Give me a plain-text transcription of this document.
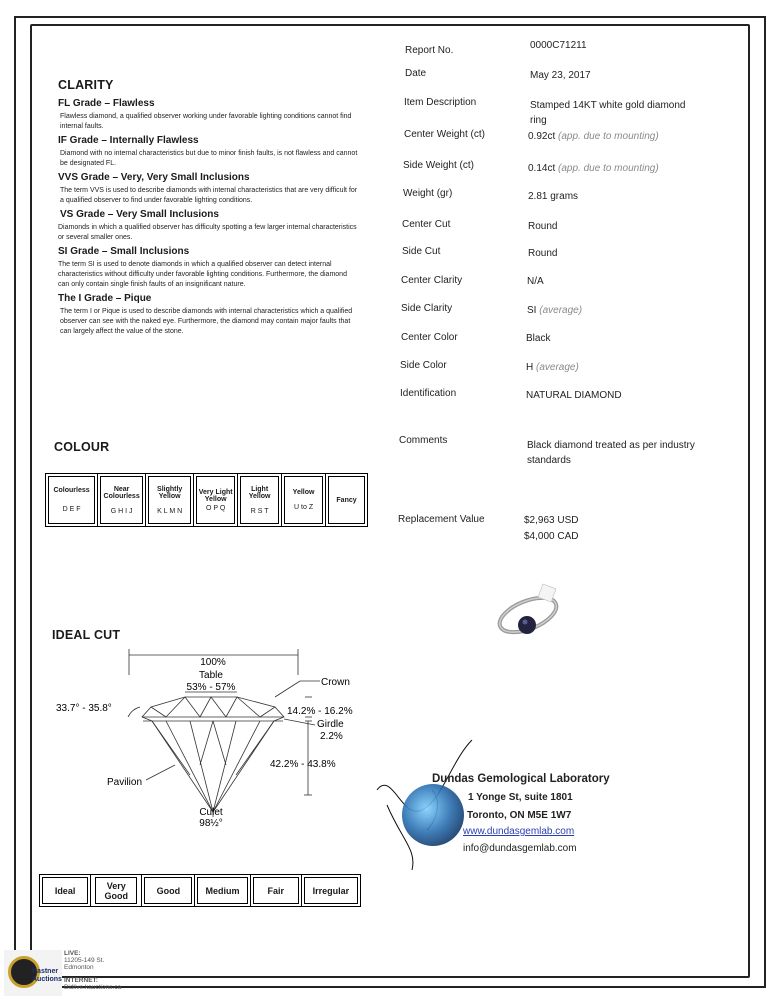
CLARITY
FL Grade – Flawless
Flawless diamond, a qualified observer working under favorable lighting conditions cannot find internal faults.
IF Grade – Internally Flawless
Diamond with no internal characteristics but due to minor finish faults, is not flawless and cannot be designated FL.
VVS Grade – Very, Very Small Inclusions
The term VVS is used to describe diamonds with internal characteristics that are very difficult for a qualified observer to find under favorable lighting conditions.
VS Grade – Very Small Inclusions
Diamonds in which a qualified observer has difficulty spotting a few larger internal characteristics or several smaller ones.
SI Grade – Small Inclusions
The term SI is used to denote diamonds in which a qualified observer can detect internal characteristics without difficulty under favorable lighting conditions. Furthermore, the diamond can only contain single finish faults of an insignificant nature.
The I Grade – Pique
The term I or Pique is used to describe diamonds with internal characteristics which a qualified observer can see with the naked eye. Furthermore, the diamond may contain major faults that can largely affect the value of the stone.
COLOUR
Colourless
D E F

Near Colourless
G H I J

Slightly Yellow
K L M N

Very Light Yellow
O P Q

Light Yellow
R S T

Yellow
U to Z

Fancy
IDEAL CUT
100%
Table
53% - 57%	Crown
33.7° - 35.8°	14.2% - 16.2%
Girdle
2.2%
42.2% - 43.8%
Pavilion
Culet
98½°
Ideal	Very Good	Good	Medium	Fair	Irregular
Report No.	0000C71211
Date	May 23, 2017
Item Description	Stamped 14KT white gold diamond ring
Center Weight (ct)	0.92ct (app. due to mounting)
Side Weight (ct)	0.14ct (app. due to mounting)
Weight (gr)	2.81 grams
Center Cut	Round
Side Cut	Round
Center Clarity	N/A
Side Clarity	SI (average)
Center Color	Black
Side Color	H (average)
Identification	NATURAL DIAMOND
Comments	Black diamond treated as per industry standards
Replacement Value	$2,963 USD
$4,000 CAD
Dundas Gemological Laboratory
1 Yonge St, suite 1801
Toronto, ON M5E 1W7
www.dundasgemlab.com
info@dundasgemlab.com
Kastner Auctions
LIVE:
11205-149 St.
Edmonton
INTERNET:
Bidlive.kauctions.ca
